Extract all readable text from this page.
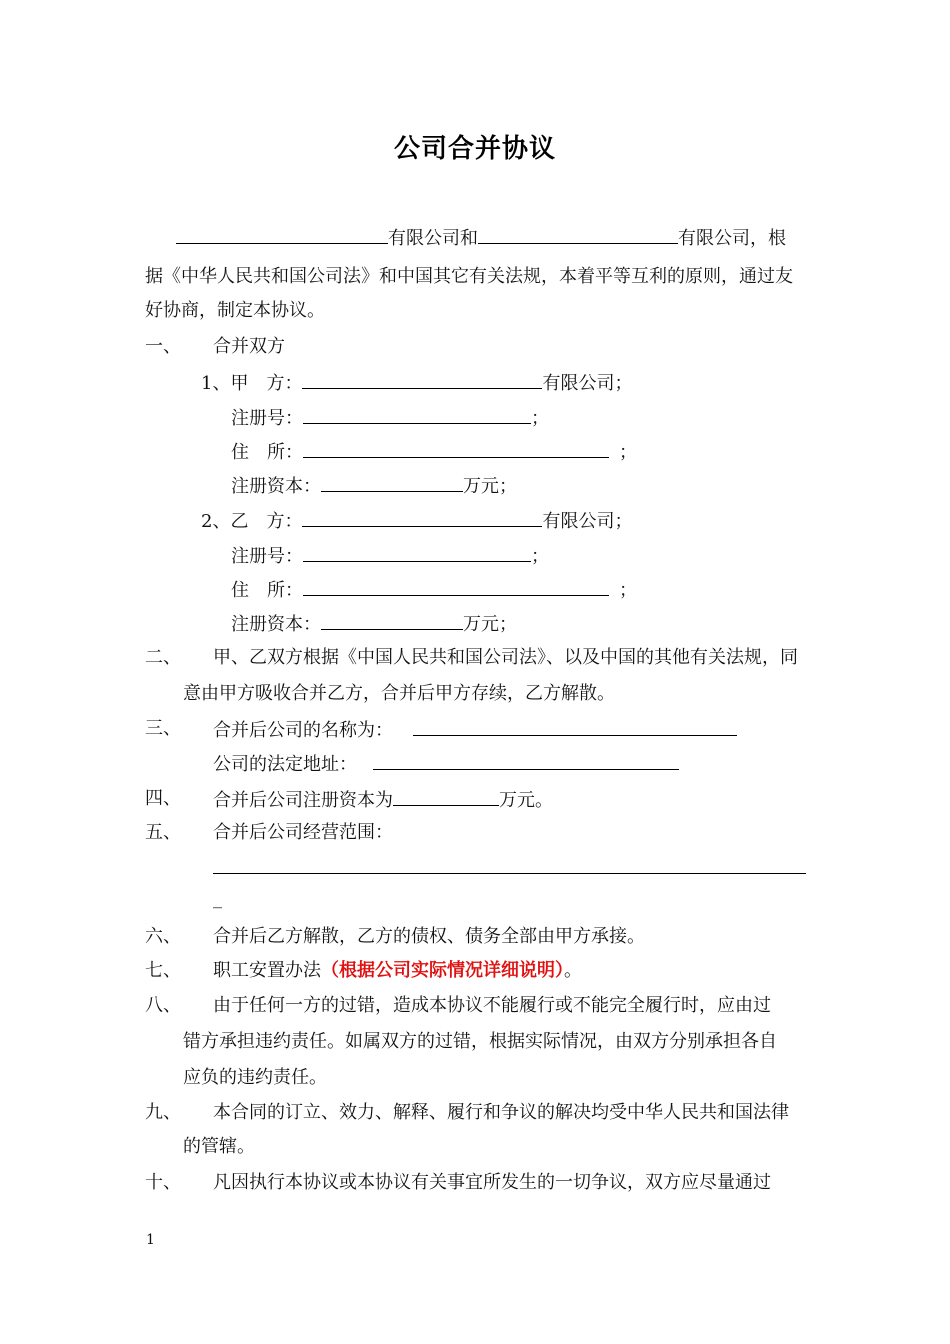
公司合并协议
有限公司和	有限公司，根
据《中华人民共和国公司法》和中国其它有关法规，本着平等互利的原则，通过友
好协商，制定本协议。
一、 合并双方
1、甲　方：	有限公司；
注册号：	；
住　所：	；
注册资本：	万元；
2、乙　方：	有限公司；
注册号：	；
住　所：	；
注册资本：	万元；
二、 甲、乙双方根据《中国人民共和国公司法》、以及中国的其他有关法规，同
意由甲方吸收合并乙方，合并后甲方存续，乙方解散。
三、 合并后公司的名称为：
公司的法定地址：
四、 合并后公司注册资本为	万元。
五、 合并后公司经营范围：
_
六、 合并后乙方解散，乙方的债权、债务全部由甲方承接。
七、 职工安置办法（根据公司实际情况详细说明）。
八、 由于任何一方的过错，造成本协议不能履行或不能完全履行时，应由过
错方承担违约责任。如属双方的过错，根据实际情况，由双方分别承担各自
应负的违约责任。
九、 本合同的订立、效力、解释、履行和争议的解决均受中华人民共和国法律
的管辖。
十、 凡因执行本协议或本协议有关事宜所发生的一切争议，双方应尽量通过
1
